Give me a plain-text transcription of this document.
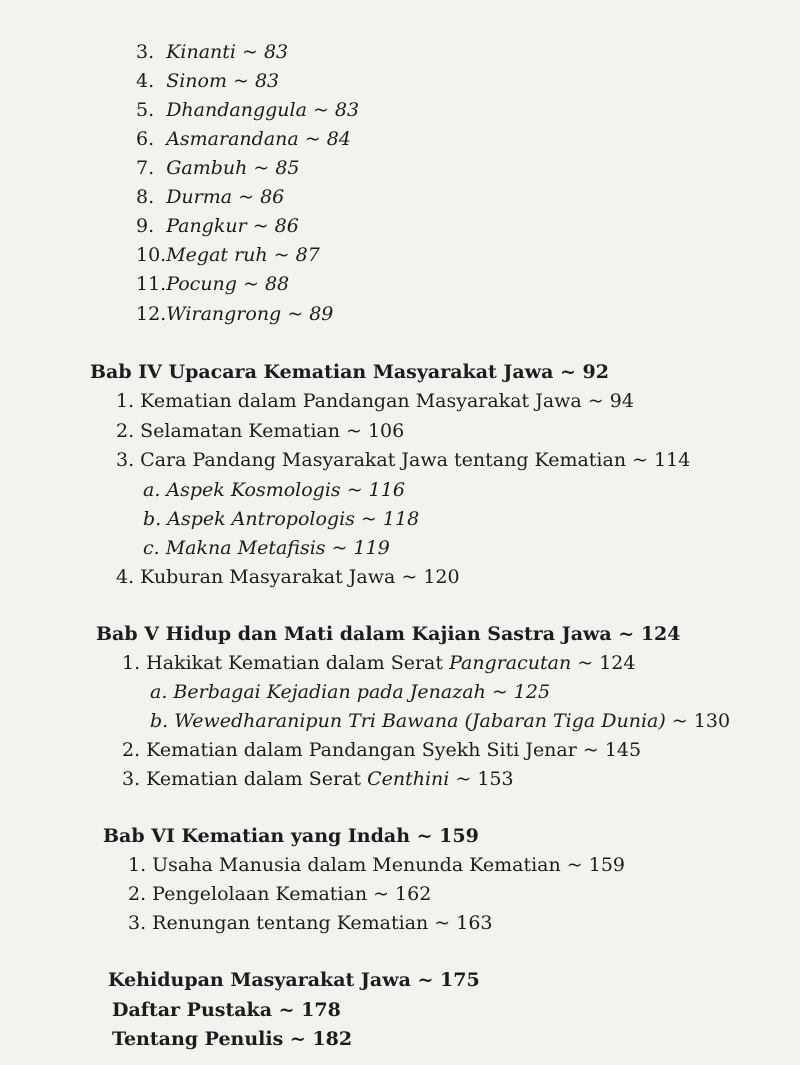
3. Kinanti ~ 83
4. Sinom ~ 83
5. Dhandanggula ~ 83
6. Asmarandana ~ 84
7. Gambuh ~ 85
8. Durma ~ 86
9. Pangkur ~ 86
10.Megat ruh ~ 87
11.Pocung ~ 88
12.Wirangrong ~ 89
Bab IV Upacara Kematian Masyarakat Jawa ~ 92
1. Kematian dalam Pandangan Masyarakat Jawa ~ 94
2. Selamatan Kematian ~ 106
3. Cara Pandang Masyarakat Jawa tentang Kematian ~ 114
a. Aspek Kosmologis ~ 116
b. Aspek Antropologis ~ 118
c. Makna Metafisis ~ 119
4. Kuburan Masyarakat Jawa ~ 120
Bab V Hidup dan Mati dalam Kajian Sastra Jawa ~ 124
1. Hakikat Kematian dalam Serat Pangracutan ~ 124
a. Berbagai Kejadian pada Jenazah ~ 125
b. Wewedharanipun Tri Bawana (Jabaran Tiga Dunia) ~ 130
2. Kematian dalam Pandangan Syekh Siti Jenar ~ 145
3. Kematian dalam Serat Centhini ~ 153
Bab VI Kematian yang Indah ~ 159
1. Usaha Manusia dalam Menunda Kematian ~ 159
2. Pengelolaan Kematian ~ 162
3. Renungan tentang Kematian ~ 163
Kehidupan Masyarakat Jawa ~ 175
Daftar Pustaka ~ 178
Tentang Penulis ~ 182
